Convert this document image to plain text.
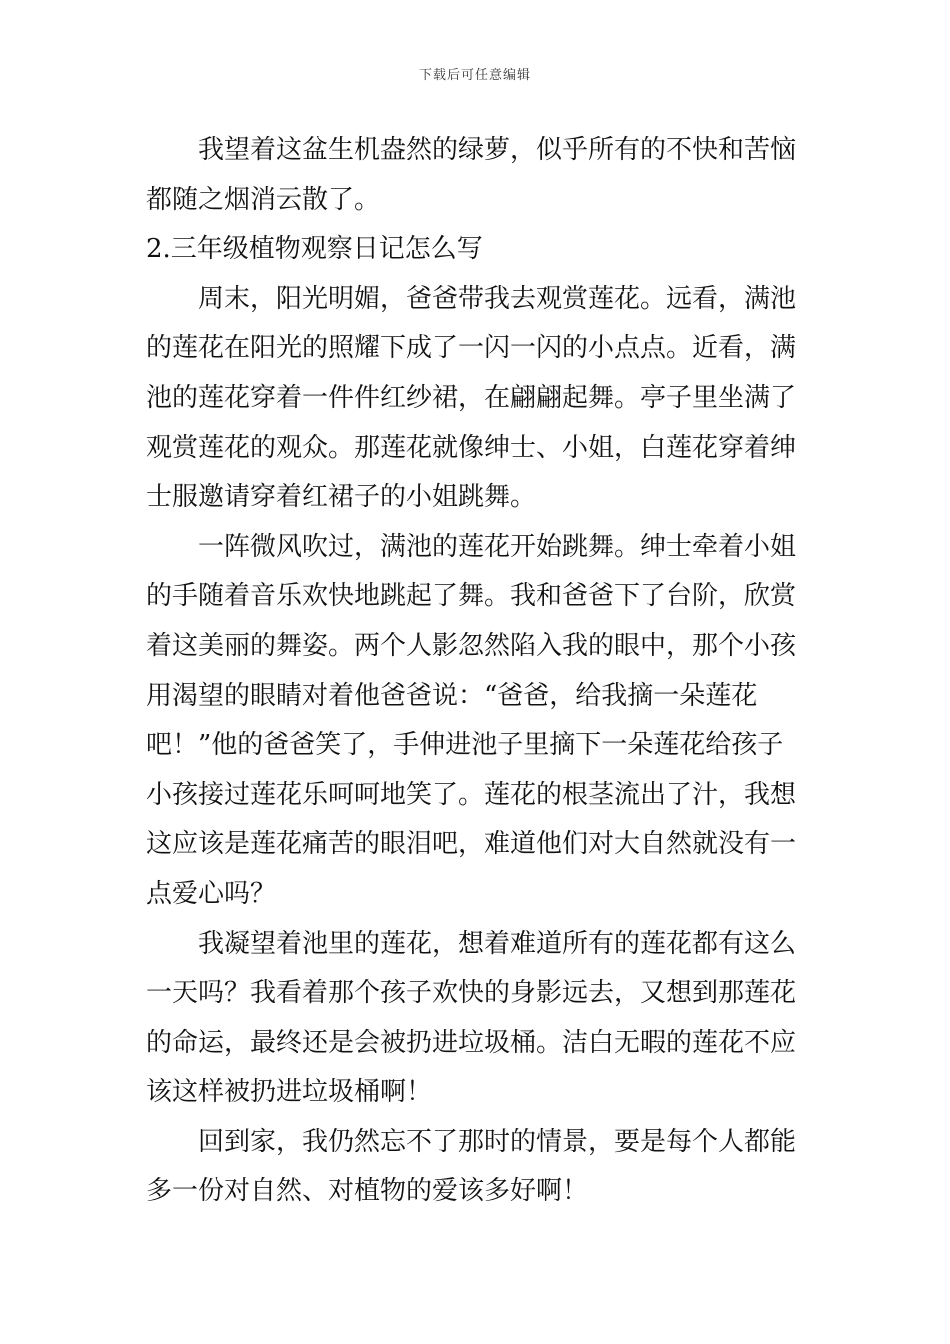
下载后可任意编辑
我望着这盆生机盎然的绿萝，似乎所有的不快和苦恼
都随之烟消云散了。
2.三年级植物观察日记怎么写
周末，阳光明媚，爸爸带我去观赏莲花。远看，满池
的莲花在阳光的照耀下成了一闪一闪的小点点。近看，满
池的莲花穿着一件件红纱裙，在翩翩起舞。亭子里坐满了
观赏莲花的观众。那莲花就像绅士、小姐，白莲花穿着绅
士服邀请穿着红裙子的小姐跳舞。
一阵微风吹过，满池的莲花开始跳舞。绅士牵着小姐
的手随着音乐欢快地跳起了舞。我和爸爸下了台阶，欣赏
着这美丽的舞姿。两个人影忽然陷入我的眼中，那个小孩
用渴望的眼睛对着他爸爸说：“爸爸，给我摘一朵莲花
吧！”他的爸爸笑了，手伸进池子里摘下一朵莲花给孩子
小孩接过莲花乐呵呵地笑了。莲花的根茎流出了汁，我想
这应该是莲花痛苦的眼泪吧，难道他们对大自然就没有一
点爱心吗？
我凝望着池里的莲花，想着难道所有的莲花都有这么
一天吗？我看着那个孩子欢快的身影远去，又想到那莲花
的命运，最终还是会被扔进垃圾桶。洁白无暇的莲花不应
该这样被扔进垃圾桶啊！
回到家，我仍然忘不了那时的情景，要是每个人都能
多一份对自然、对植物的爱该多好啊！
